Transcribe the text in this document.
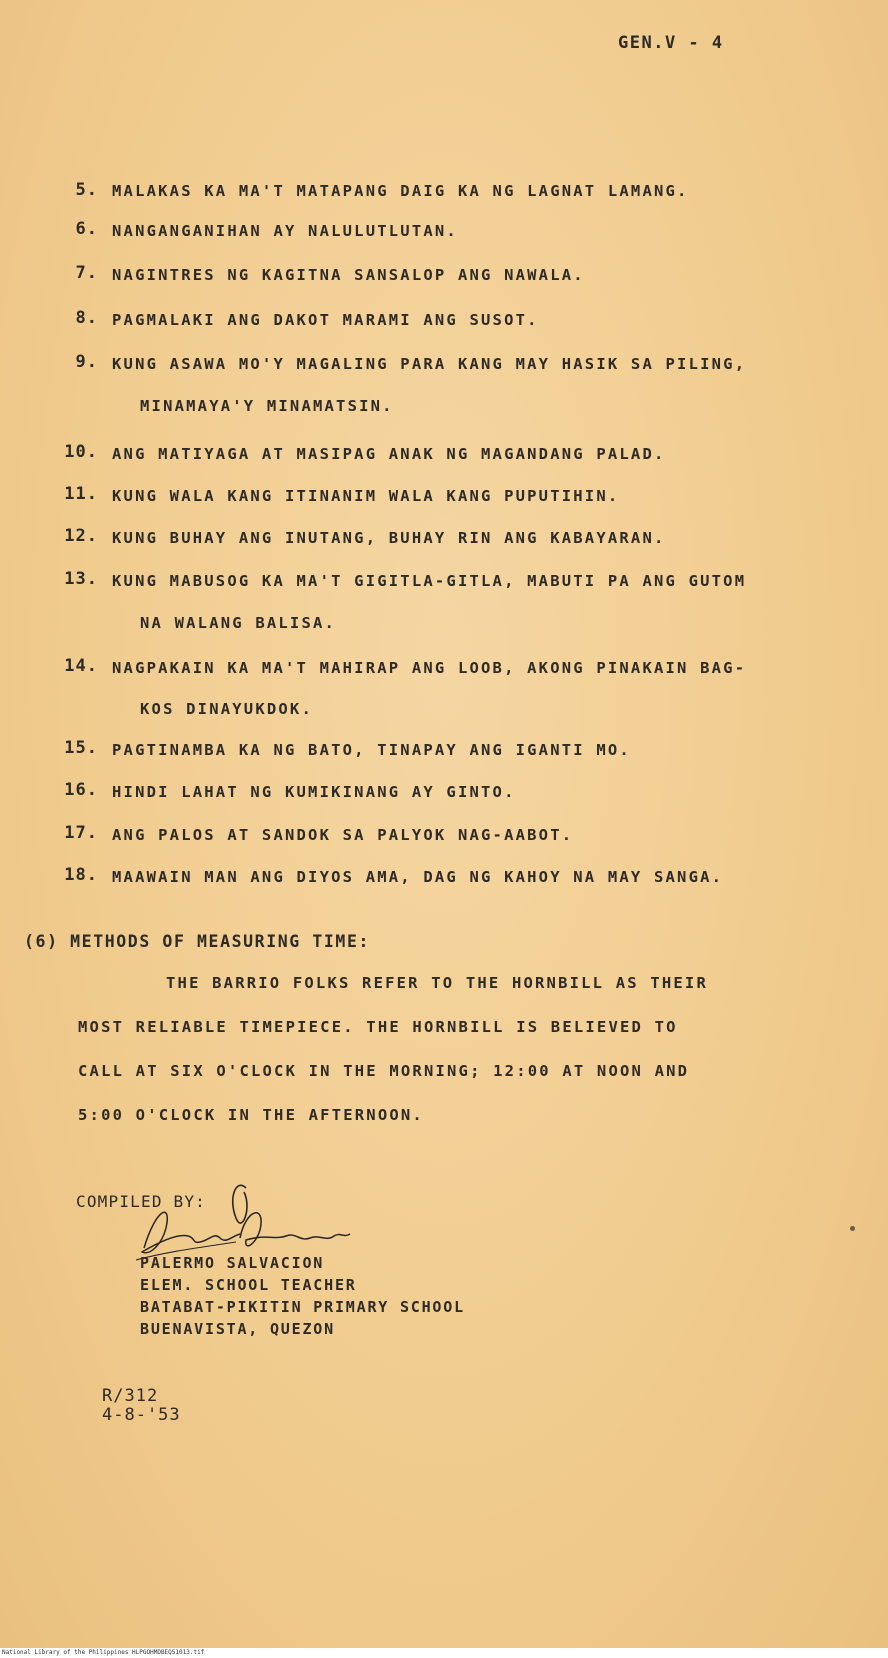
GEN.V - 4
5. MALAKAS KA MA'T MATAPANG DAIG KA NG LAGNAT LAMANG.
6. NANGANGANIHAN AY NALULUTLUTAN.
7. NAGINTRES NG KAGITNA SANSALOP ANG NAWALA.
8. PAGMALAKI ANG DAKOT MARAMI ANG SUSOT.
9. KUNG ASAWA MO'Y MAGALING PARA KANG MAY HASIK SA PILING,
MINAMAYA'Y MINAMATSIN.
10. ANG MATIYAGA AT MASIPAG ANAK NG MAGANDANG PALAD.
11. KUNG WALA KANG ITINANIM WALA KANG PUPUTIHIN.
12. KUNG BUHAY ANG INUTANG, BUHAY RIN ANG KABAYARAN.
13. KUNG MABUSOG KA MA'T GIGITLA-GITLA, MABUTI PA ANG GUTOM
NA WALANG BALISA.
14. NAGPAKAIN KA MA'T MAHIRAP ANG LOOB, AKONG PINAKAIN BAG-
KOS DINAYUKDOK.
15. PAGTINAMBA KA NG BATO, TINAPAY ANG IGANTI MO.
16. HINDI LAHAT NG KUMIKINANG AY GINTO.
17. ANG PALOS AT SANDOK SA PALYOK NAG-AABOT.
18. MAAWAIN MAN ANG DIYOS AMA, DAG NG KAHOY NA MAY SANGA.
(6) METHODS OF MEASURING TIME:
THE BARRIO FOLKS REFER TO THE HORNBILL AS THEIR
MOST RELIABLE TIMEPIECE. THE HORNBILL IS BELIEVED TO
CALL AT SIX O'CLOCK IN THE MORNING; 12:00 AT NOON AND
5:00 O'CLOCK IN THE AFTERNOON.
COMPILED BY:
PALERMO SALVACION
ELEM. SCHOOL TEACHER
BATABAT-PIKITIN PRIMARY SCHOOL
BUENAVISTA, QUEZON
R/312
4-8-'53
National Library of the Philippines HLPGOHMDBEQ51013.tif
